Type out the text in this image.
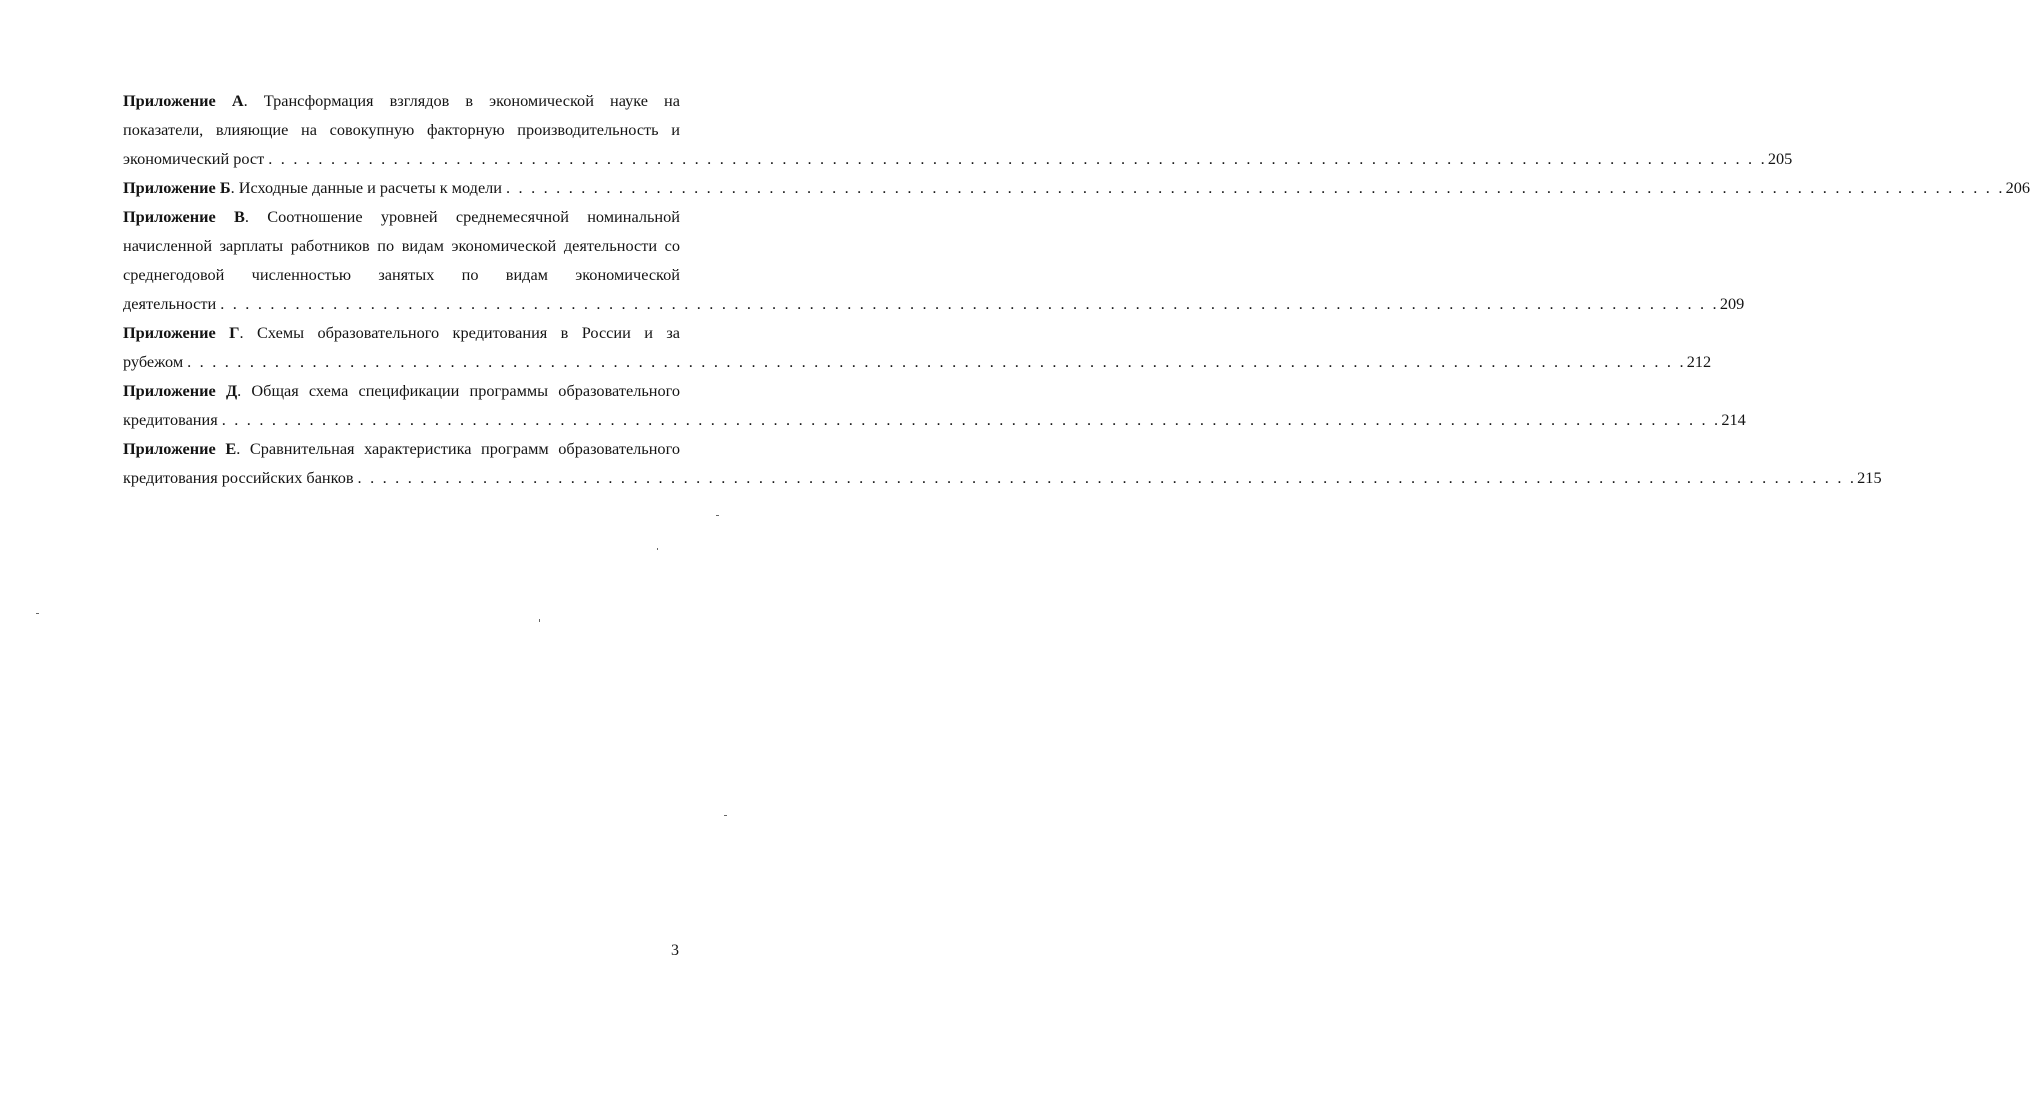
Приложение А. Трансформация взглядов в экономической науке на
показатели, влияющие на совокупную факторную производительность и
экономический рост . . . . . . . . . . . . . . . . . . . . . . . . . . . . . . . . . . . . . . . . . . . . . . . . . . . . . . . . . . . . . . . . . . . . . . . . . . . . . . . . . . . . . . . . . . . . . . . . . . . . . . . . . . . . . . . . . . . . . . . . 205
Приложение Б. Исходные данные и расчеты к модели . . . . . . . . . . . . . . . . . . . . . . . . . . . . . . . . . . . . . . . . . . . . . . . . . . . . . . . . . . . . . . . . . . . . . . . . . . . . . . . . . . . . . . . . . . . . . . . . . . . . . . . . . . . . . . . . . . . . . . . . 206
Приложение В. Соотношение уровней среднемесячной номинальной
начисленной зарплаты работников по видам экономической деятельности со
среднегодовой численностью занятых по видам экономической
деятельности . . . . . . . . . . . . . . . . . . . . . . . . . . . . . . . . . . . . . . . . . . . . . . . . . . . . . . . . . . . . . . . . . . . . . . . . . . . . . . . . . . . . . . . . . . . . . . . . . . . . . . . . . . . . . . . . . . . . . . . . 209
Приложение Г. Схемы образовательного кредитования в России и за
рубежом . . . . . . . . . . . . . . . . . . . . . . . . . . . . . . . . . . . . . . . . . . . . . . . . . . . . . . . . . . . . . . . . . . . . . . . . . . . . . . . . . . . . . . . . . . . . . . . . . . . . . . . . . . . . . . . . . . . . . . . . 212
Приложение Д. Общая схема спецификации программы образовательного
кредитования . . . . . . . . . . . . . . . . . . . . . . . . . . . . . . . . . . . . . . . . . . . . . . . . . . . . . . . . . . . . . . . . . . . . . . . . . . . . . . . . . . . . . . . . . . . . . . . . . . . . . . . . . . . . . . . . . . . . . . . . 214
Приложение Е. Сравнительная характеристика программ образовательного
кредитования российских банков . . . . . . . . . . . . . . . . . . . . . . . . . . . . . . . . . . . . . . . . . . . . . . . . . . . . . . . . . . . . . . . . . . . . . . . . . . . . . . . . . . . . . . . . . . . . . . . . . . . . . . . . . . . . . . . . . . . . . . . . 215
3
